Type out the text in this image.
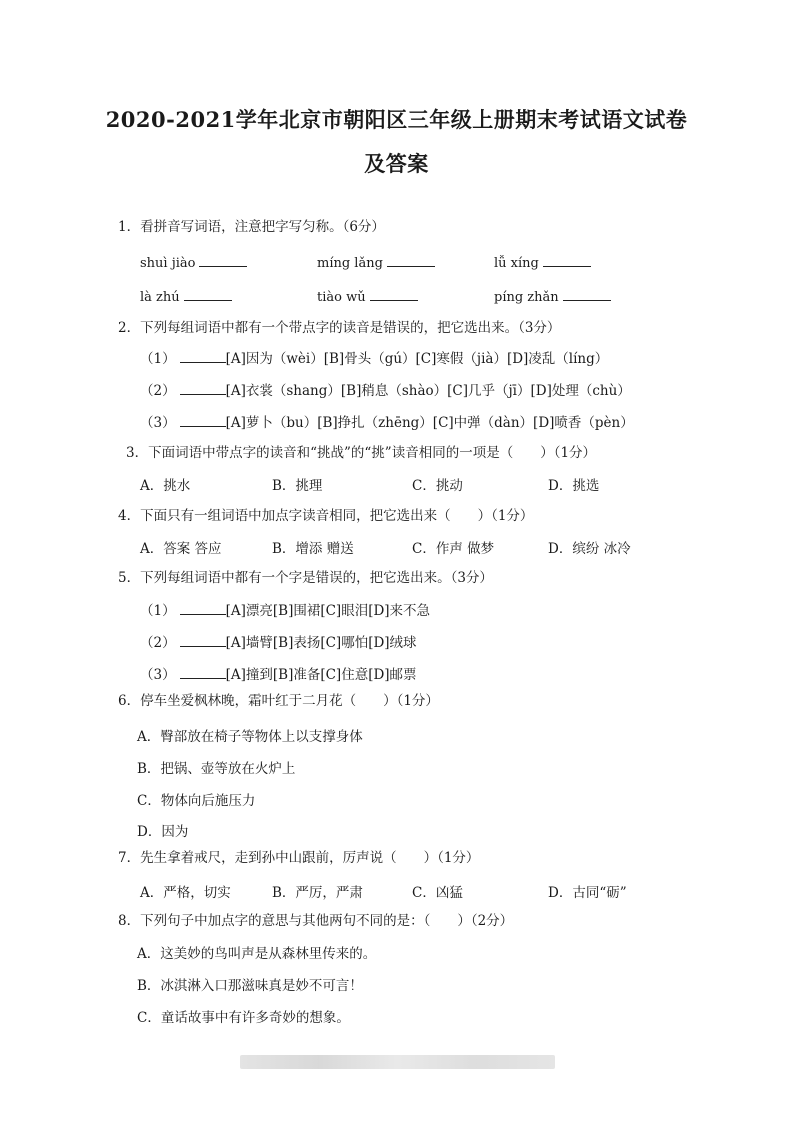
2020-2021学年北京市朝阳区三年级上册期末考试语文试卷
及答案
1．看拼音写词语，注意把字写匀称。（6分）
shuì jiào	míng lǎng	lǚ xíng
là zhú	tiào wǔ	píng zhǎn
2．下列每组词语中都有一个带点字的读音是错误的，把它选出来。（3分）
（1）	[A]因为（wèi）[B]骨头（gú）[C]寒假（jià）[D]凌乱（líng）
（2）	[A]衣裳（shang）[B]稍息（shào）[C]几乎（jī）[D]处理（chù）
（3）	[A]萝卜（bu）[B]挣扎（zhēng）[C]中弹（dàn）[D]喷香（pèn）
3．下面词语中带点字的读音和“挑战”的“挑”读音相同的一项是（　　）（1分）
A．挑水	B．挑理	C．挑动	D．挑选
4．下面只有一组词语中加点字读音相同，把它选出来（　　）（1分）
A．答案 答应	B．增添 赠送	C．作声 做梦	D．缤纷 冰冷
5．下列每组词语中都有一个字是错误的，把它选出来。（3分）
（1）	[A]漂亮[B]围裙[C]眼泪[D]来不急
（2）	[A]墙臂[B]表扬[C]哪怕[D]绒球
（3）	[A]撞到[B]准备[C]住意[D]邮票
6．停车坐爱枫林晚，霜叶红于二月花（　　）（1分）
A．臀部放在椅子等物体上以支撑身体
B．把锅、壶等放在火炉上
C．物体向后施压力
D．因为
7．先生拿着戒尺，走到孙中山跟前，厉声说（　　）（1分）
A．严格，切实	B．严厉，严肃	C．凶猛	D．古同“砺”
8．下列句子中加点字的意思与其他两句不同的是：（　　）（2分）
A．这美妙的鸟叫声是从森林里传来的。
B．冰淇淋入口那滋味真是妙不可言！
C．童话故事中有许多奇妙的想象。
